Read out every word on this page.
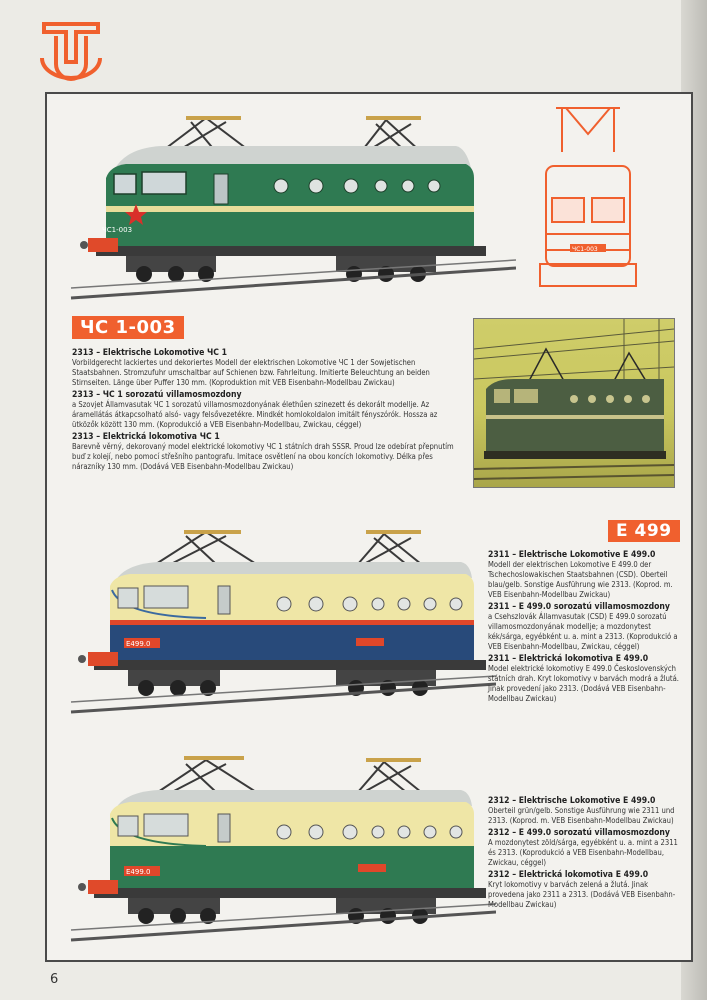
ЧС1-003
ЧС1-003
ЧС 1-003
2313 – Elektrische Lokomotive ЧС 1
Vorbildgerecht lackiertes und dekoriertes Modell der elektrischen Lokomotive ЧС 1 der Sowjetischen Staatsbahnen. Stromzufuhr umschaltbar auf Schienen bzw. Fahrleitung. Imitierte Beleuchtung an beiden Stirnseiten. Länge über Puffer 130 mm. (Koproduktion mit VEB Eisenbahn-Modellbau Zwickau)
2313 – ЧС 1 sorozatú villamosmozdony
a Szovjet Államvasutak ЧС 1 sorozatú villamosmozdonyának élethűen szinezett és dekorált modellje. Az áramellátás átkapcsolható alsó- vagy felsővezetékre. Mindkét homlokoldalon imitált fényszórók. Hossza az ütközők között 130 mm. (Koprodukció a VEB Eisenbahn-Modellbau, Zwickau, céggel)
2313 – Elektrická lokomotiva ЧС 1
Barevně věrný, dekorovaný model elektrické lokomotivy ЧС 1 státních drah SSSR. Proud lze odebírat přepnutím buď z kolejí, nebo pomocí střešního pantografu. Imitace osvětlení na obou koncích lokomotivy. Délka přes nárazníky 130 mm. (Dodává VEB Eisenbahn-Modellbau Zwickau)
E 499
E499.0
2311 – Elektrische Lokomotive E 499.0
Modell der elektrischen Lokomotive E 499.0 der Tschechoslowakischen Staatsbahnen (CSD). Oberteil blau/gelb. Sonstige Ausführung wie 2313. (Koprod. m. VEB Eisenbahn-Modellbau Zwickau)
2311 – E 499.0 sorozatú villamosmozdony
a Csehszlovák Államvasutak (CSD) E 499.0 sorozatú villamosmozdonyának modellje; a mozdonytest kék/sárga, egyébként u. a. mint a 2313. (Koprodukció a VEB Eisenbahn-Modellbau, Zwickau, céggel)
2311 – Elektrická lokomotiva E 499.0
Model elektrické lokomotivy E 499.0 Československých státních drah. Kryt lokomotivy v barvách modrá a žlutá. Jinak provedení jako 2313. (Dodává VEB Eisenbahn-Modellbau Zwickau)
E499.0
2312 – Elektrische Lokomotive E 499.0
Oberteil grün/gelb. Sonstige Ausführung wie 2311 und 2313. (Koprod. m. VEB Eisenbahn-Modellbau Zwickau)
2312 – E 499.0 sorozatú villamosmozdony
A mozdonytest zöld/sárga, egyébként u. a. mint a 2311 és 2313. (Koprodukció a VEB Eisenbahn-Modellbau, Zwickau, céggel)
2312 – Elektrická lokomotiva E 499.0
Kryt lokomotivy v barvách zelená a žlutá. Jinak provedena jako 2311 a 2313. (Dodává VEB Eisenbahn-Modellbau Zwickau)
6
